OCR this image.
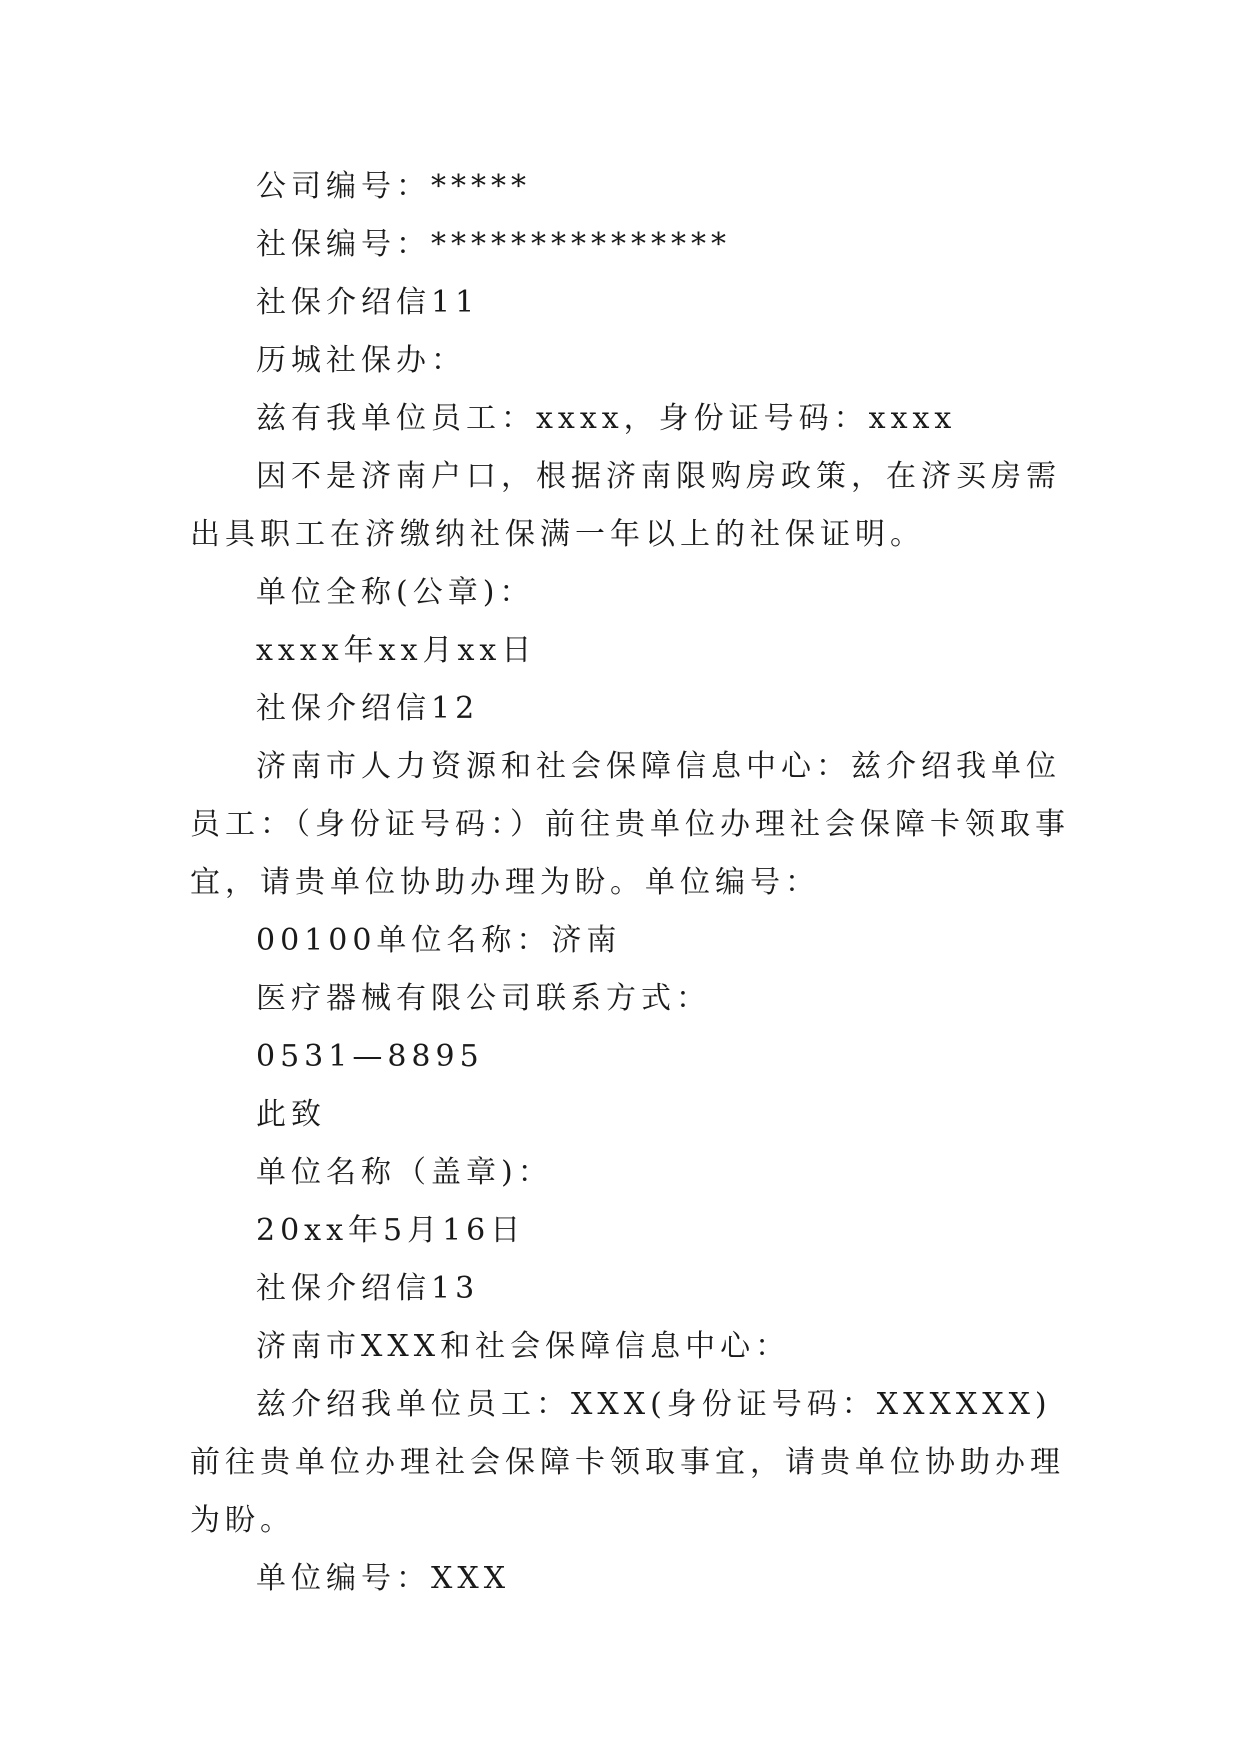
公司编号：*****

社保编号：***************

社保介绍信11

历城社保办：

兹有我单位员工：xxxx，身份证号码：xxxx

因不是济南户口，根据济南限购房政策，在济买房需出具职工在济缴纳社保满一年以上的社保证明。

单位全称(公章)：

xxxx年xx月xx日

社保介绍信12

济南市人力资源和社会保障信息中心：兹介绍我单位员工：（身份证号码：）前往贵单位办理社会保障卡领取事宜，请贵单位协助办理为盼。单位编号：

00100单位名称：济南

医疗器械有限公司联系方式：

0531—8895

此致

单位名称（盖章)：

20xx年5月16日

社保介绍信13

济南市XXX和社会保障信息中心：

兹介绍我单位员工：XXX(身份证号码：XXXXXX)前往贵单位办理社会保障卡领取事宜，请贵单位协助办理为盼。

单位编号：XXX
